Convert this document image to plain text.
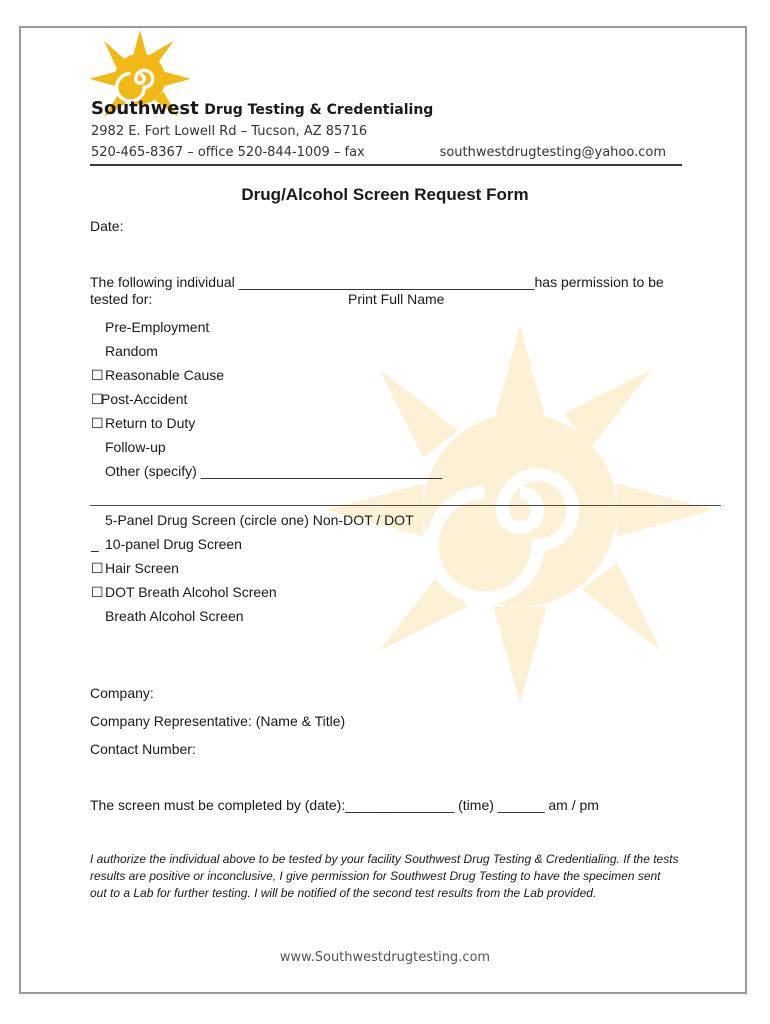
Southwest Drug Testing & Credentialing
2982 E. Fort Lowell Rd – Tucson, AZ 85716
520-465-8367 – office 520-844-1009 – fax	southwestdrugtesting@yahoo.com
Drug/Alcohol Screen Request Form
Date:
The following individual ______________________________________has permission to be
tested for:	Print Full Name
Pre-Employment
Random
☐Reasonable Cause
☐Post-Accident
☐Return to Duty
Follow-up
Other (specify) _______________________________
_________________________________________________________________________________
5-Panel Drug Screen (circle one) Non-DOT / DOT
_ 10-panel Drug Screen
☐Hair Screen
☐DOT Breath Alcohol Screen
Breath Alcohol Screen
Company:
Company Representative: (Name & Title)
Contact Number:
The screen must be completed by (date):______________ (time) ______ am / pm
I authorize the individual above to be tested by your facility Southwest Drug Testing & Credentialing. If the tests results are positive or inconclusive, I give permission for Southwest Drug Testing to have the specimen sent out to a Lab for further testing. I will be notified of the second test results from the Lab provided.
www.Southwestdrugtesting.com
